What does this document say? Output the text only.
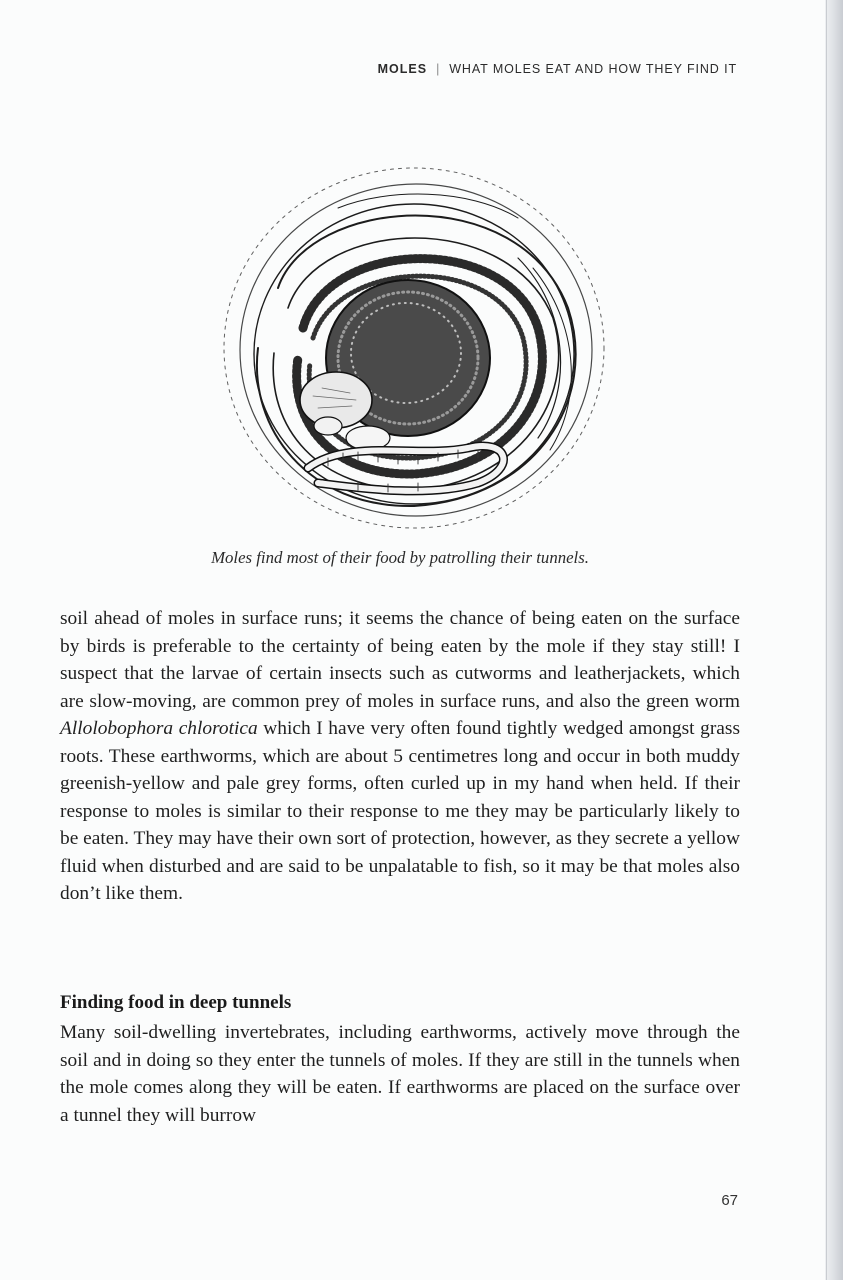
MOLES | WHAT MOLES EAT AND HOW THEY FIND IT
Moles find most of their food by patrolling their tunnels.

soil ahead of moles in surface runs; it seems the chance of being eaten on the surface by birds is preferable to the certainty of being eaten by the mole if they stay still! I suspect that the larvae of certain insects such as cutworms and leatherjackets, which are slow-moving, are common prey of moles in surface runs, and also the green worm Allolobophora chlorotica which I have very often found tightly wedged amongst grass roots. These earthworms, which are about 5 centimetres long and occur in both muddy greenish-yellow and pale grey forms, often curled up in my hand when held. If their response to moles is similar to their response to me they may be particularly likely to be eaten. They may have their own sort of protection, however, as they secrete a yellow fluid when disturbed and are said to be unpalatable to fish, so it may be that moles also don’t like them.

Finding food in deep tunnels

Many soil-dwelling invertebrates, including earthworms, actively move through the soil and in doing so they enter the tunnels of moles. If they are still in the tunnels when the mole comes along they will be eaten. If earthworms are placed on the surface over a tunnel they will burrow

67
